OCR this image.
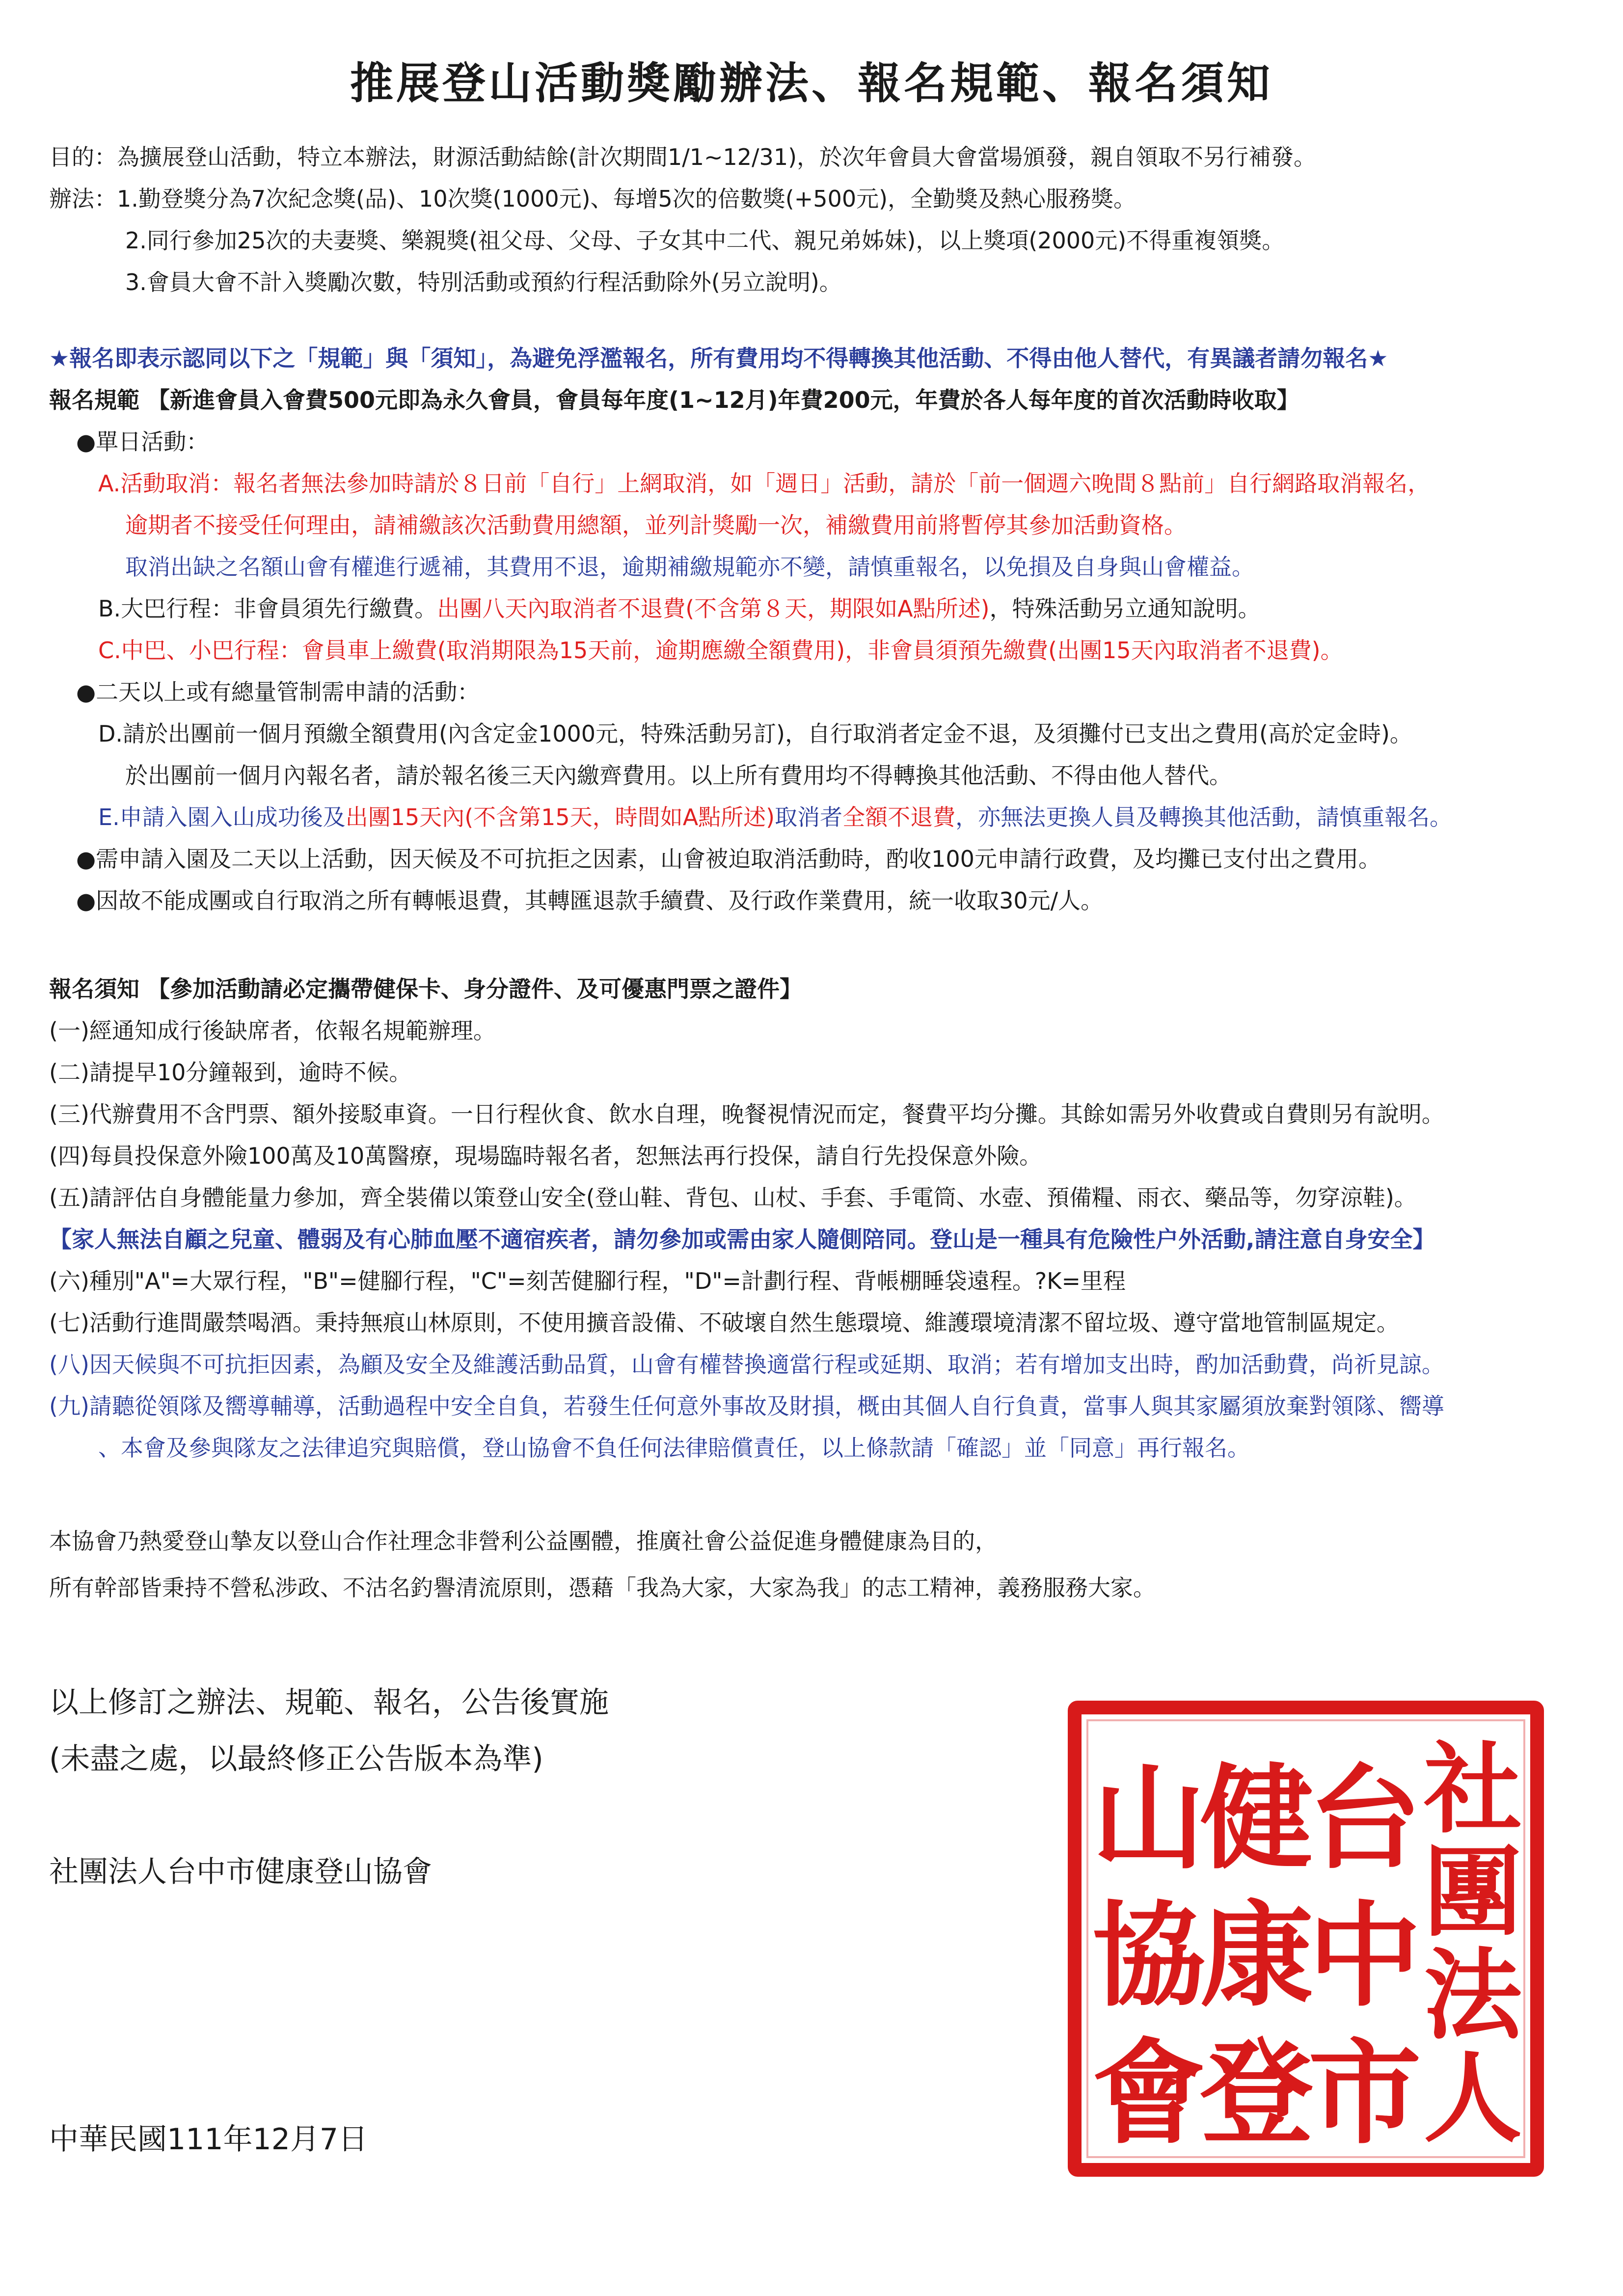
推展登山活動獎勵辦法、報名規範、報名須知
目的：為擴展登山活動，特立本辦法，財源活動結餘(計次期間1/1~12/31)，於次年會員大會當場頒發，親自領取不另行補發。
辦法：1.勤登獎分為7次紀念獎(品)、10次獎(1000元)、每增5次的倍數獎(+500元)，全勤獎及熱心服務獎。
2.同行參加25次的夫妻獎、樂親獎(祖父母、父母、子女其中二代、親兄弟姊妹)，以上獎項(2000元)不得重複領獎。
3.會員大會不計入獎勵次數，特別活動或預約行程活動除外(另立說明)。
★報名即表示認同以下之「規範」與「須知」，為避免浮濫報名，所有費用均不得轉換其他活動、不得由他人替代，有異議者請勿報名★
報名規範 【新進會員入會費500元即為永久會員，會員每年度(1~12月)年費200元，年費於各人每年度的首次活動時收取】
●單日活動：
A.活動取消：報名者無法參加時請於８日前「自行」上網取消，如「週日」活動，請於「前一個週六晚間８點前」自行網路取消報名，
逾期者不接受任何理由，請補繳該次活動費用總額，並列計獎勵一次，補繳費用前將暫停其參加活動資格。
取消出缺之名額山會有權進行遞補，其費用不退，逾期補繳規範亦不變，請慎重報名，以免損及自身與山會權益。
B.大巴行程：非會員須先行繳費。出團八天內取消者不退費(不含第８天，期限如A點所述)，特殊活動另立通知說明。
C.中巴、小巴行程：會員車上繳費(取消期限為15天前，逾期應繳全額費用)，非會員須預先繳費(出團15天內取消者不退費)。
●二天以上或有總量管制需申請的活動：
D.請於出團前一個月預繳全額費用(內含定金1000元，特殊活動另訂)，自行取消者定金不退，及須攤付已支出之費用(高於定金時)。
於出團前一個月內報名者，請於報名後三天內繳齊費用。以上所有費用均不得轉換其他活動、不得由他人替代。
E.申請入園入山成功後及出團15天內(不含第15天，時間如A點所述)取消者全額不退費，亦無法更換人員及轉換其他活動，請慎重報名。
●需申請入園及二天以上活動，因天候及不可抗拒之因素，山會被迫取消活動時，酌收100元申請行政費，及均攤已支付出之費用。
●因故不能成團或自行取消之所有轉帳退費，其轉匯退款手續費、及行政作業費用，統一收取30元/人。
報名須知 【參加活動請必定攜帶健保卡、身分證件、及可優惠門票之證件】
(一)經通知成行後缺席者，依報名規範辦理。
(二)請提早10分鐘報到，逾時不候。
(三)代辦費用不含門票、額外接駁車資。一日行程伙食、飲水自理，晚餐視情況而定，餐費平均分攤。其餘如需另外收費或自費則另有說明。
(四)每員投保意外險100萬及10萬醫療，現場臨時報名者，恕無法再行投保，請自行先投保意外險。
(五)請評估自身體能量力參加，齊全裝備以策登山安全(登山鞋、背包、山杖、手套、手電筒、水壺、預備糧、雨衣、藥品等，勿穿涼鞋)。
【家人無法自顧之兒童、體弱及有心肺血壓不適宿疾者，請勿參加或需由家人隨側陪同。登山是一種具有危險性户外活動,請注意自身安全】
(六)種別"A"=大眾行程，"B"=健腳行程，"C"=刻苦健腳行程，"D"=計劃行程、背帳棚睡袋遠程。?K=里程
(七)活動行進間嚴禁喝酒。秉持無痕山林原則，不使用擴音設備、不破壞自然生態環境、維護環境清潔不留垃圾、遵守當地管制區規定。
(八)因天候與不可抗拒因素，為顧及安全及維護活動品質，山會有權替換適當行程或延期、取消；若有增加支出時，酌加活動費，尚祈見諒。
(九)請聽從領隊及嚮導輔導，活動過程中安全自負，若發生任何意外事故及財損，概由其個人自行負責，當事人與其家屬須放棄對領隊、嚮導
、本會及參與隊友之法律追究與賠償，登山協會不負任何法律賠償責任，以上條款請「確認」並「同意」再行報名。
本協會乃熱愛登山摯友以登山合作社理念非營利公益團體，推廣社會公益促進身體健康為目的，
所有幹部皆秉持不營私涉政、不沽名釣譽清流原則，憑藉「我為大家，大家為我」的志工精神，義務服務大家。
以上修訂之辦法、規範、報名，公告後實施
(未盡之處，以最終修正公告版本為準)
社團法人台中市健康登山協會
中華民國111年12月7日
社
團
法
人
台
中
市
健
康
登
山
協
會
